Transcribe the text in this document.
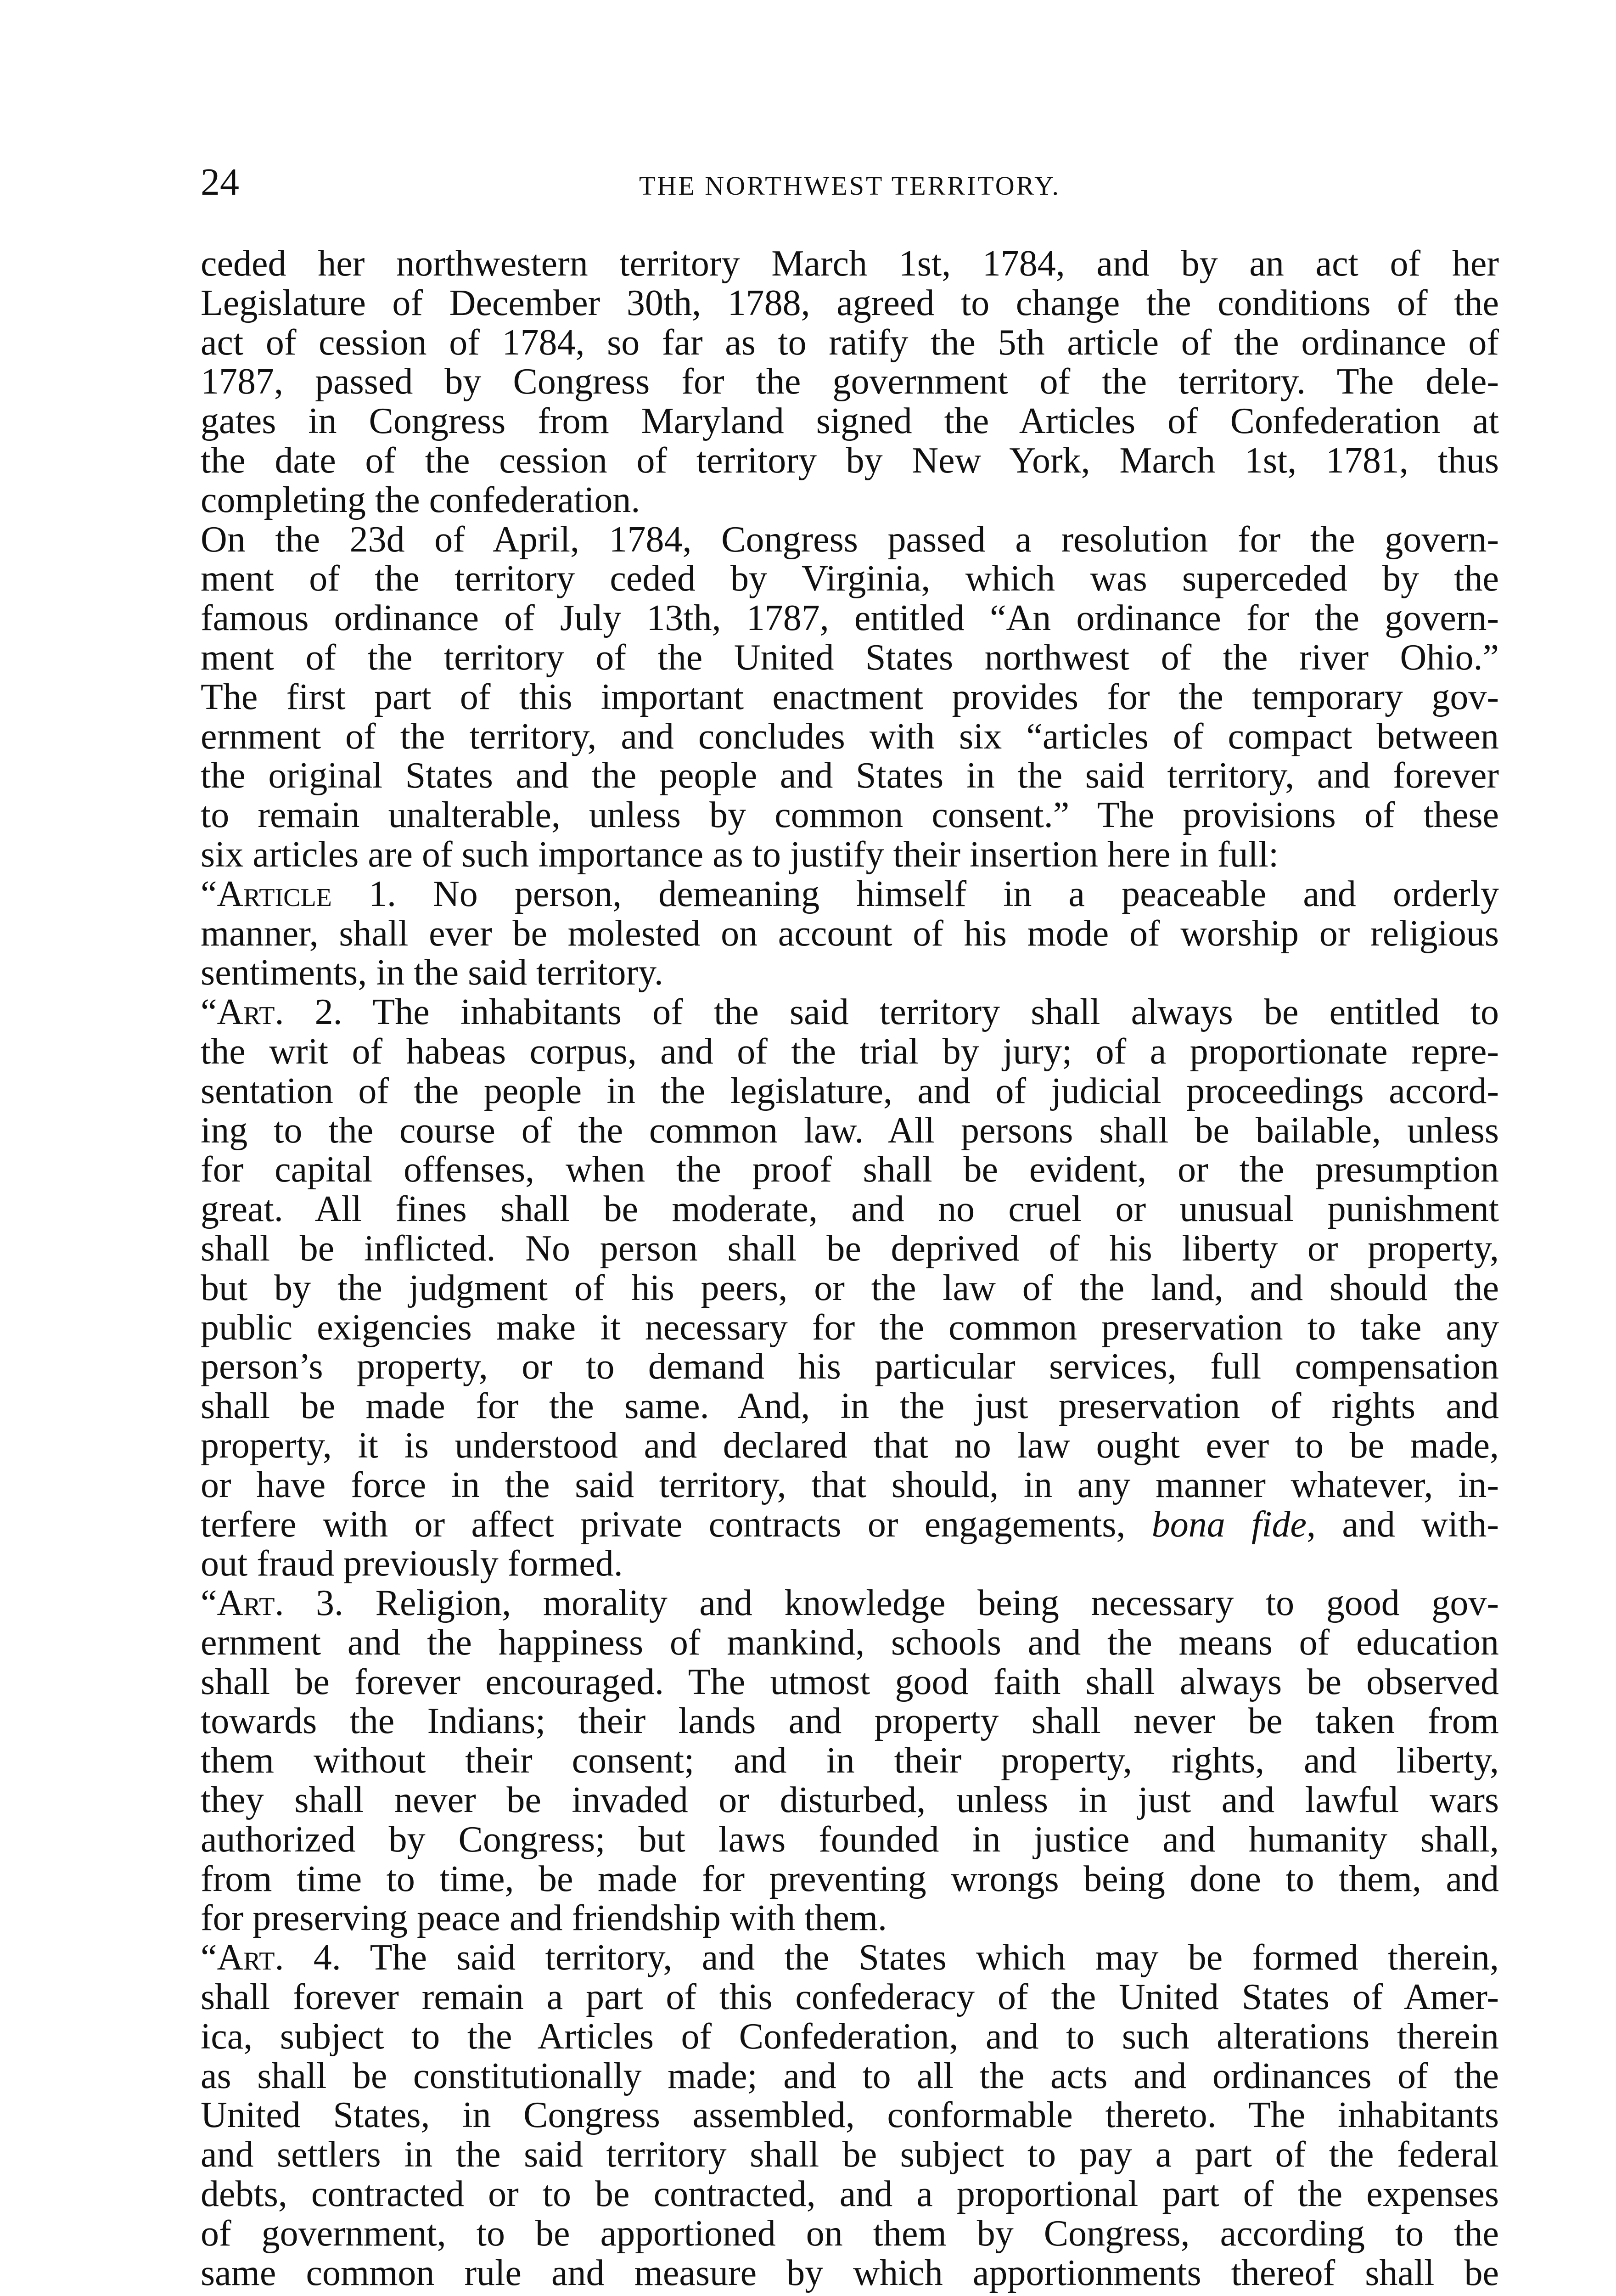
24	THE NORTHWEST TERRITORY.
ceded her northwestern territory March 1st, 1784, and by an act of her
Legislature of December 30th, 1788, agreed to change the conditions of the
act of cession of 1784, so far as to ratify the 5th article of the ordinance of
1787, passed by Congress for the government of the territory. The dele-
gates in Congress from Maryland signed the Articles of Confederation at
the date of the cession of territory by New York, March 1st, 1781, thus
completing the confederation.
On the 23d of April, 1784, Congress passed a resolution for the govern-
ment of the territory ceded by Virginia, which was superceded by the
famous ordinance of July 13th, 1787, entitled “An ordinance for the govern-
ment of the territory of the United States northwest of the river Ohio.”
The first part of this important enactment provides for the temporary gov-
ernment of the territory, and concludes with six “articles of compact between
the original States and the people and States in the said territory, and forever
to remain unalterable, unless by common consent.” The provisions of these
six articles are of such importance as to justify their insertion here in full:
“Article 1. No person, demeaning himself in a peaceable and orderly
manner, shall ever be molested on account of his mode of worship or religious
sentiments, in the said territory.
“Art. 2. The inhabitants of the said territory shall always be entitled to
the writ of habeas corpus, and of the trial by jury; of a proportionate repre-
sentation of the people in the legislature, and of judicial proceedings accord-
ing to the course of the common law. All persons shall be bailable, unless
for capital offenses, when the proof shall be evident, or the presumption
great. All fines shall be moderate, and no cruel or unusual punishment
shall be inflicted. No person shall be deprived of his liberty or property,
but by the judgment of his peers, or the law of the land, and should the
public exigencies make it necessary for the common preservation to take any
person’s property, or to demand his particular services, full compensation
shall be made for the same. And, in the just preservation of rights and
property, it is understood and declared that no law ought ever to be made,
or have force in the said territory, that should, in any manner whatever, in-
terfere with or affect private contracts or engagements, bona fide, and with-
out fraud previously formed.
“Art. 3. Religion, morality and knowledge being necessary to good gov-
ernment and the happiness of mankind, schools and the means of education
shall be forever encouraged. The utmost good faith shall always be observed
towards the Indians; their lands and property shall never be taken from
them without their consent; and in their property, rights, and liberty,
they shall never be invaded or disturbed, unless in just and lawful wars
authorized by Congress; but laws founded in justice and humanity shall,
from time to time, be made for preventing wrongs being done to them, and
for preserving peace and friendship with them.
“Art. 4. The said territory, and the States which may be formed therein,
shall forever remain a part of this confederacy of the United States of Amer-
ica, subject to the Articles of Confederation, and to such alterations therein
as shall be constitutionally made; and to all the acts and ordinances of the
United States, in Congress assembled, conformable thereto. The inhabitants
and settlers in the said territory shall be subject to pay a part of the federal
debts, contracted or to be contracted, and a proportional part of the expenses
of government, to be apportioned on them by Congress, according to the
same common rule and measure by which apportionments thereof shall be
